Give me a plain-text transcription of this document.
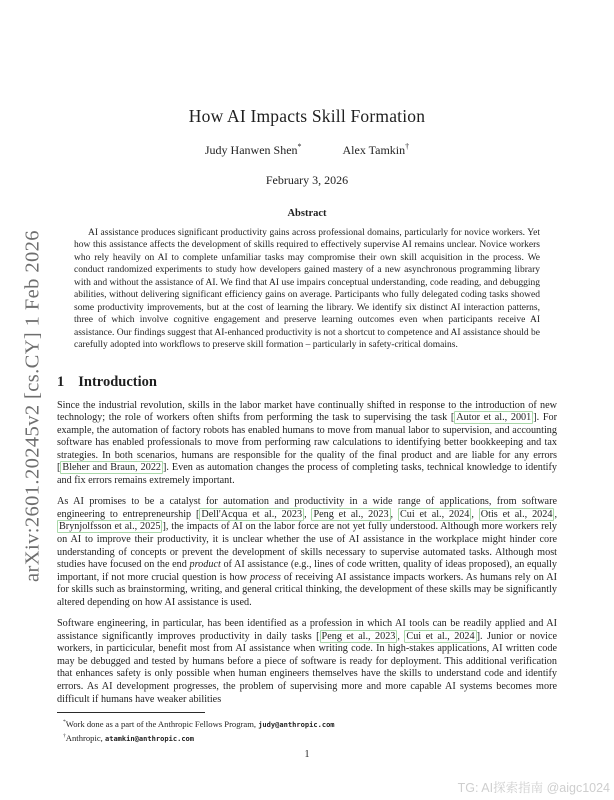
arXiv:2601.20245v2 [cs.CY] 1 Feb 2026
How AI Impacts Skill Formation
Judy Hanwen Shen*	Alex Tamkin†
February 3, 2026
Abstract

AI assistance produces significant productivity gains across professional domains, particularly for novice workers. Yet how this assistance affects the development of skills required to effectively supervise AI remains unclear. Novice workers who rely heavily on AI to complete unfamiliar tasks may compromise their own skill acquisition in the process. We conduct randomized experiments to study how developers gained mastery of a new asynchronous programming library with and without the assistance of AI. We find that AI use impairs conceptual understanding, code reading, and debugging abilities, without delivering significant efficiency gains on average. Participants who fully delegated coding tasks showed some productivity improvements, but at the cost of learning the library. We identify six distinct AI interaction patterns, three of which involve cognitive engagement and preserve learning outcomes even when participants receive AI assistance. Our findings suggest that AI-enhanced productivity is not a shortcut to competence and AI assistance should be carefully adopted into workflows to preserve skill formation – particularly in safety-critical domains.

1 Introduction

Since the industrial revolution, skills in the labor market have continually shifted in response to the introduction of new technology; the role of workers often shifts from performing the task to supervising the task [ Autor et al., 2001 ]. For example, the automation of factory robots has enabled humans to move from manual labor to supervision, and accounting software has enabled professionals to move from performing raw calculations to identifying better bookkeeping and tax strategies. In both scenarios, humans are responsible for the quality of the final product and are liable for any errors [ Bleher and Braun, 2022 ]. Even as automation changes the process of completing tasks, technical knowledge to identify and fix errors remains extremely important.

As AI promises to be a catalyst for automation and productivity in a wide range of applications, from software engineering to entrepreneurship [ Dell'Acqua et al., 2023 , Peng et al., 2023 , Cui et al., 2024 , Otis et al., 2024 , Brynjolfsson et al., 2025 ], the impacts of AI on the labor force are not yet fully understood. Although more workers rely on AI to improve their productivity, it is unclear whether the use of AI assistance in the workplace might hinder core understanding of concepts or prevent the development of skills necessary to supervise automated tasks. Although most studies have focused on the end product of AI assistance (e.g., lines of code written, quality of ideas proposed), an equally important, if not more crucial question is how process of receiving AI assistance impacts workers. As humans rely on AI for skills such as brainstorming, writing, and general critical thinking, the development of these skills may be significantly altered depending on how AI assistance is used.

Software engineering, in particular, has been identified as a profession in which AI tools can be readily applied and AI assistance significantly improves productivity in daily tasks [ Peng et al., 2023 , Cui et al., 2024 ]. Junior or novice workers, in particicular, benefit most from AI assistance when writing code. In high-stakes applications, AI written code may be debugged and tested by humans before a piece of software is ready for deployment. This additional verification that enhances safety is only possible when human engineers themselves have the skills to understand code and identify errors. As AI development progresses, the problem of supervising more and more capable AI systems becomes more difficult if humans have weaker abilities

*Work done as a part of the Anthropic Fellows Program, judy@anthropic.com

†Anthropic, atamkin@anthropic.com

1
TG: AI探索指南 @aigc1024
